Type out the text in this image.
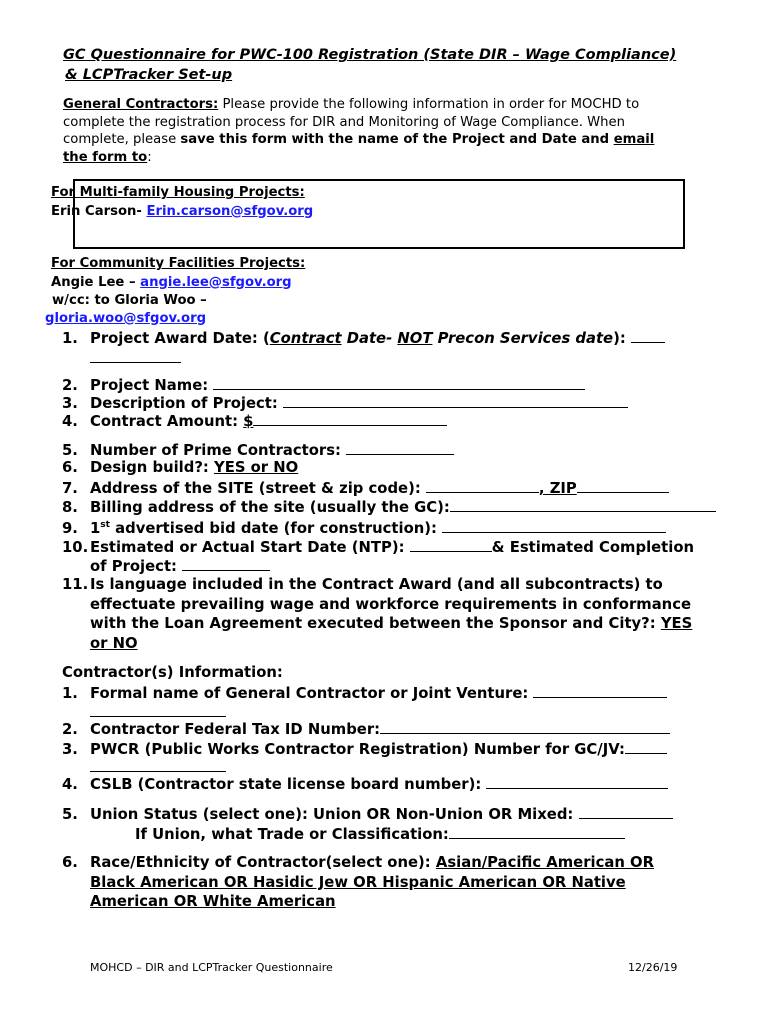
GC Questionnaire for PWC-100 Registration (State DIR – Wage Compliance)
& LCPTracker Set-up
General Contractors: Please provide the following information in order for MOCHD to
complete the registration process for DIR and Monitoring of Wage Compliance. When
complete, please save this form with the name of the Project and Date and email
the form to:
For Multi-family Housing Projects:
Erin Carson- Erin.carson@sfgov.org
For Community Facilities Projects:
Angie Lee – angie.lee@sfgov.org
w/cc: to Gloria Woo –
gloria.woo@sfgov.org
1. Project Award Date: (Contract Date- NOT Precon Services date):
2. Project Name:
3. Description of Project:
4. Contract Amount: $
5. Number of Prime Contractors:
6. Design build?: YES or NO
7. Address of the SITE (street & zip code):	, ZIP
8. Billing address of the site (usually the GC):
9. 1st advertised bid date (for construction):
10. Estimated or Actual Start Date (NTP):	& Estimated Completion
of Project:
11. Is language included in the Contract Award (and all subcontracts) to
effectuate prevailing wage and workforce requirements in conformance
with the Loan Agreement executed between the Sponsor and City?: YES
or NO
Contractor(s) Information:
1. Formal name of General Contractor or Joint Venture:
2. Contractor Federal Tax ID Number:
3. PWCR (Public Works Contractor Registration) Number for GC/JV:
4. CSLB (Contractor state license board number):
5. Union Status (select one): Union OR Non-Union OR Mixed:
If Union, what Trade or Classification:
6. Race/Ethnicity of Contractor(select one): Asian/Pacific American OR
Black American OR Hasidic Jew OR Hispanic American OR Native
American OR White American
MOHCD – DIR and LCPTracker Questionnaire	12/26/19
